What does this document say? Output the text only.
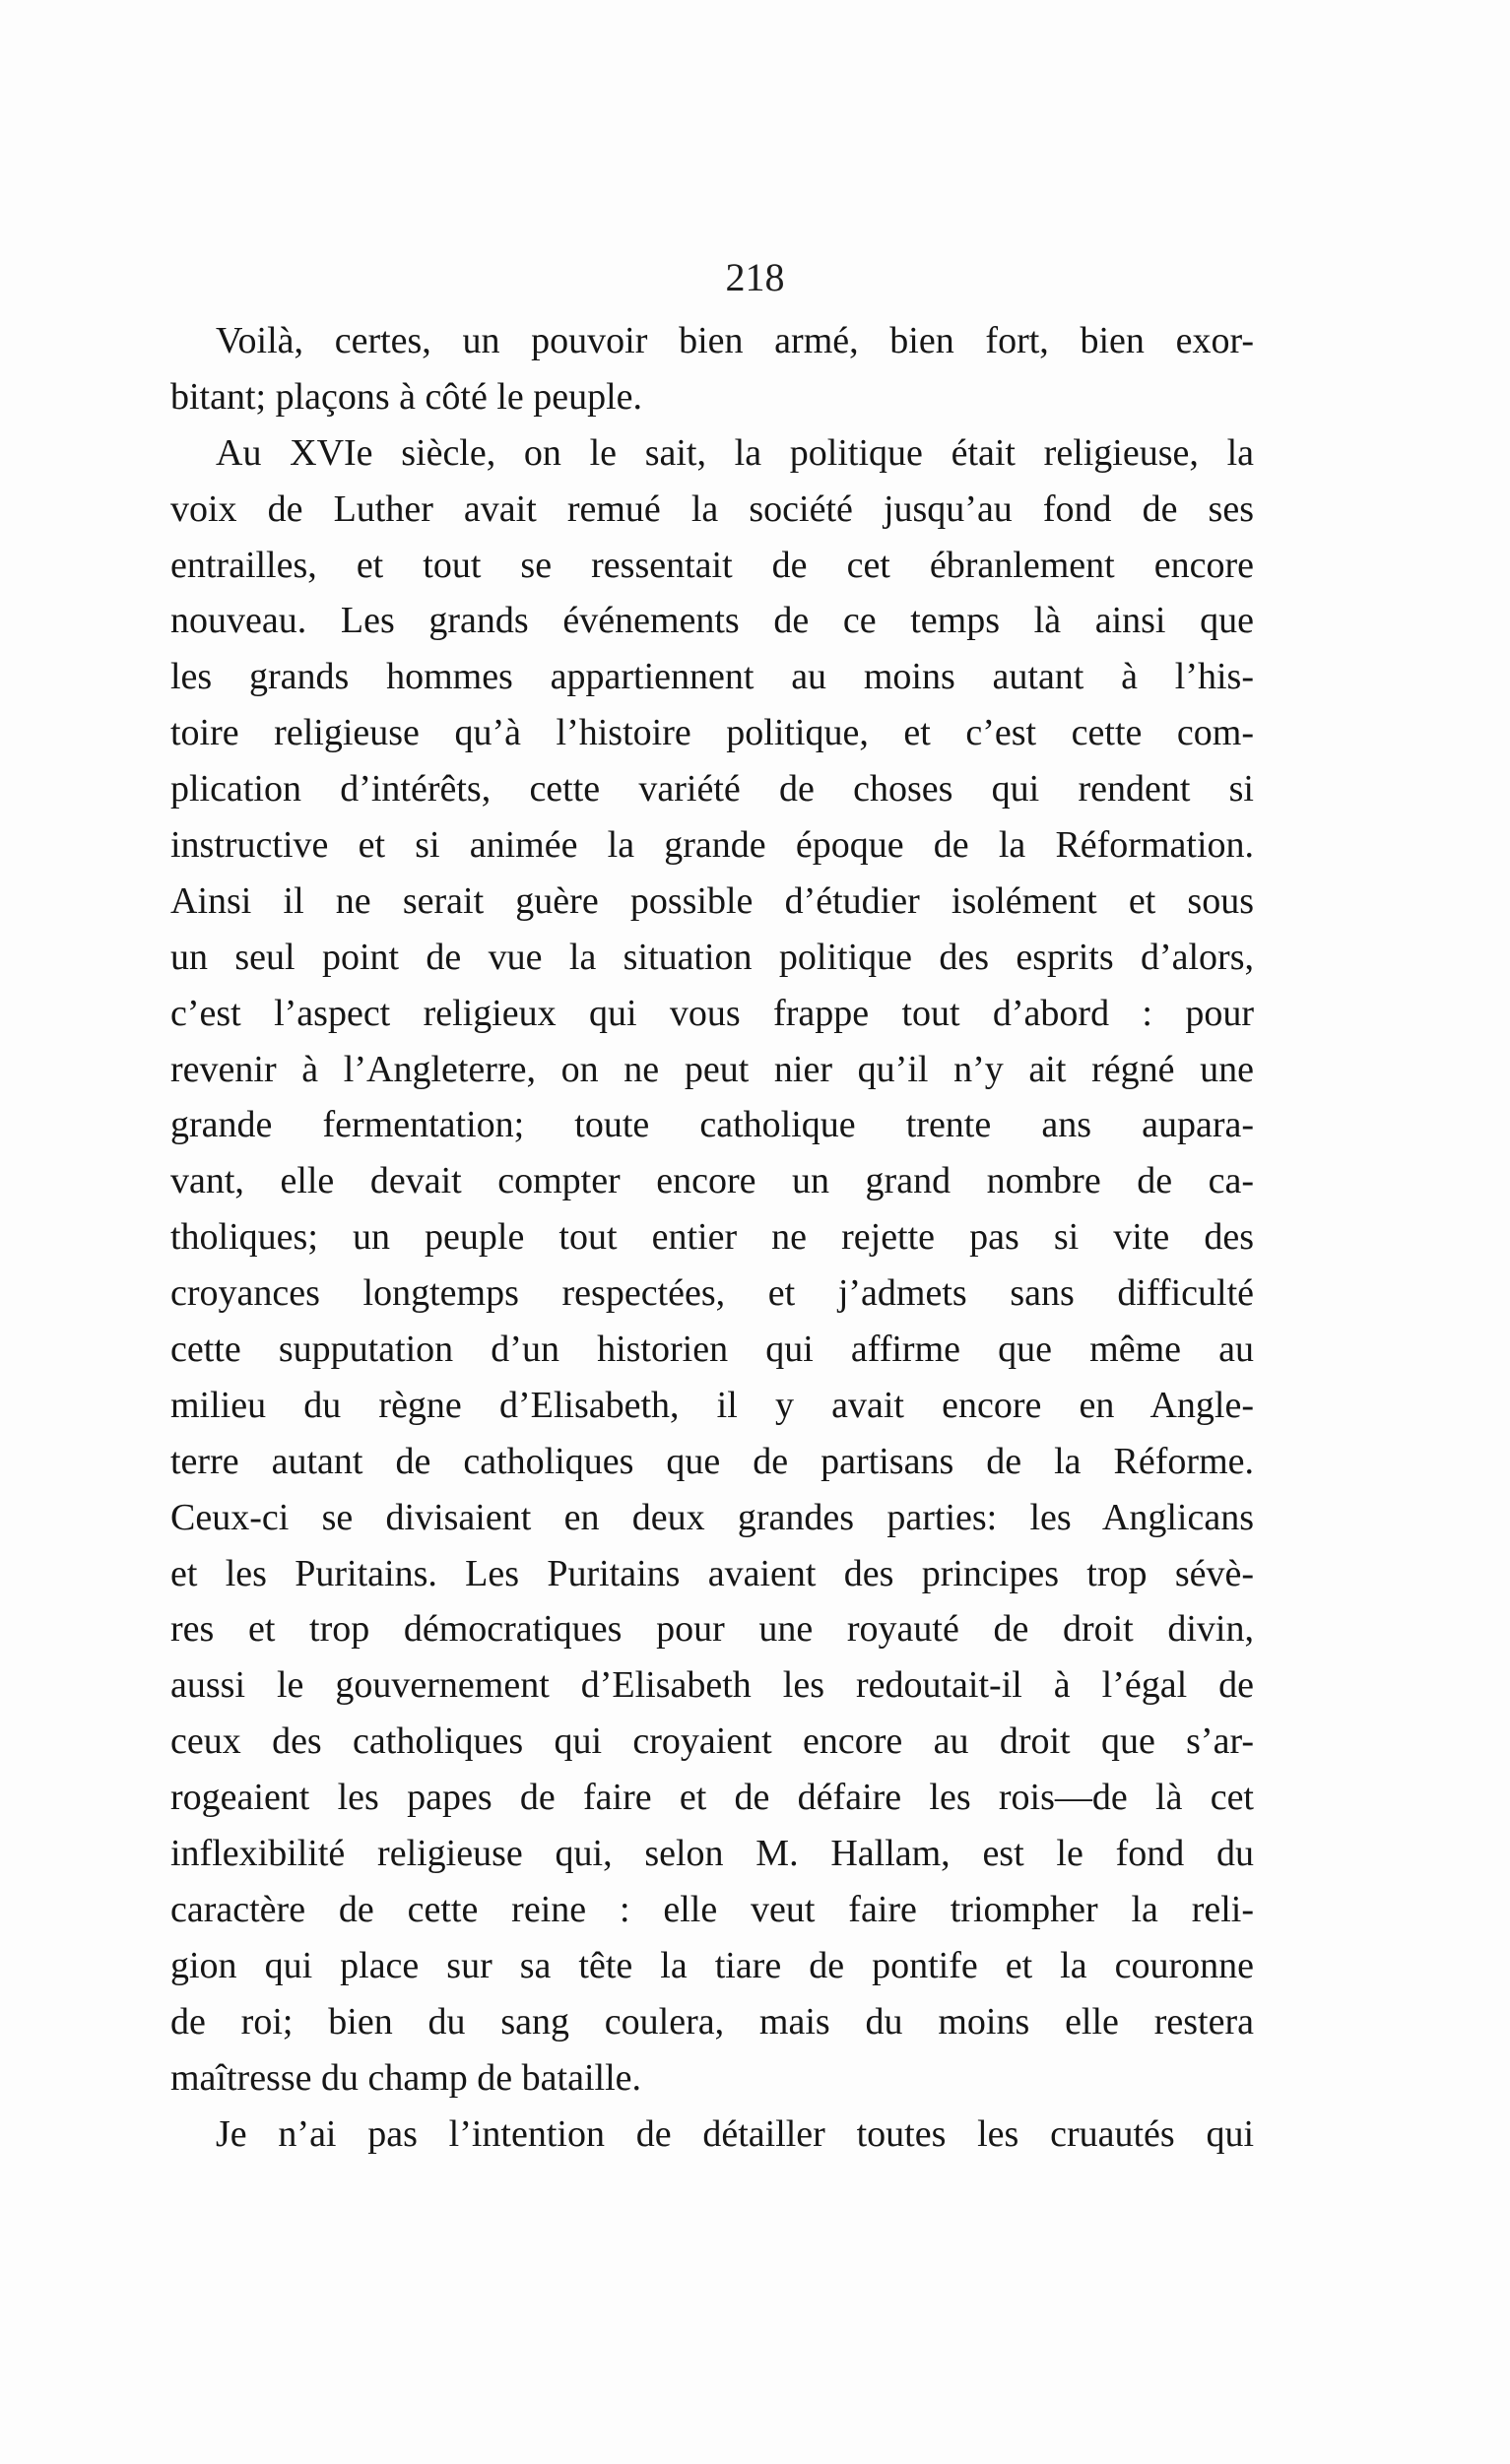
218
Voilà, certes, un pouvoir bien armé, bien fort, bien exor-
bitant; plaçons à côté le peuple.
Au XVIe siècle, on le sait, la politique était religieuse, la
voix de Luther avait remué la société jusqu’au fond de ses
entrailles, et tout se ressentait de cet ébranlement encore
nouveau. Les grands événements de ce temps là ainsi que
les grands hommes appartiennent au moins autant à l’his-
toire religieuse qu’à l’histoire politique, et c’est cette com-
plication d’intérêts, cette variété de choses qui rendent si
instructive et si animée la grande époque de la Réformation.
Ainsi il ne serait guère possible d’étudier isolément et sous
un seul point de vue la situation politique des esprits d’alors,
c’est l’aspect religieux qui vous frappe tout d’abord : pour
revenir à l’Angleterre, on ne peut nier qu’il n’y ait régné une
grande fermentation; toute catholique trente ans aupara-
vant, elle devait compter encore un grand nombre de ca-
tholiques; un peuple tout entier ne rejette pas si vite des
croyances longtemps respectées, et j’admets sans difficulté
cette supputation d’un historien qui affirme que même au
milieu du règne d’Elisabeth, il y avait encore en Angle-
terre autant de catholiques que de partisans de la Réforme.
Ceux-ci se divisaient en deux grandes parties: les Anglicans
et les Puritains. Les Puritains avaient des principes trop sévè-
res et trop démocratiques pour une royauté de droit divin,
aussi le gouvernement d’Elisabeth les redoutait-il à l’égal de
ceux des catholiques qui croyaient encore au droit que s’ar-
rogeaient les papes de faire et de défaire les rois—de là cet
inflexibilité religieuse qui, selon M. Hallam, est le fond du
caractère de cette reine : elle veut faire triompher la reli-
gion qui place sur sa tête la tiare de pontife et la couronne
de roi; bien du sang coulera, mais du moins elle restera
maîtresse du champ de bataille.
Je n’ai pas l’intention de détailler toutes les cruautés qui
